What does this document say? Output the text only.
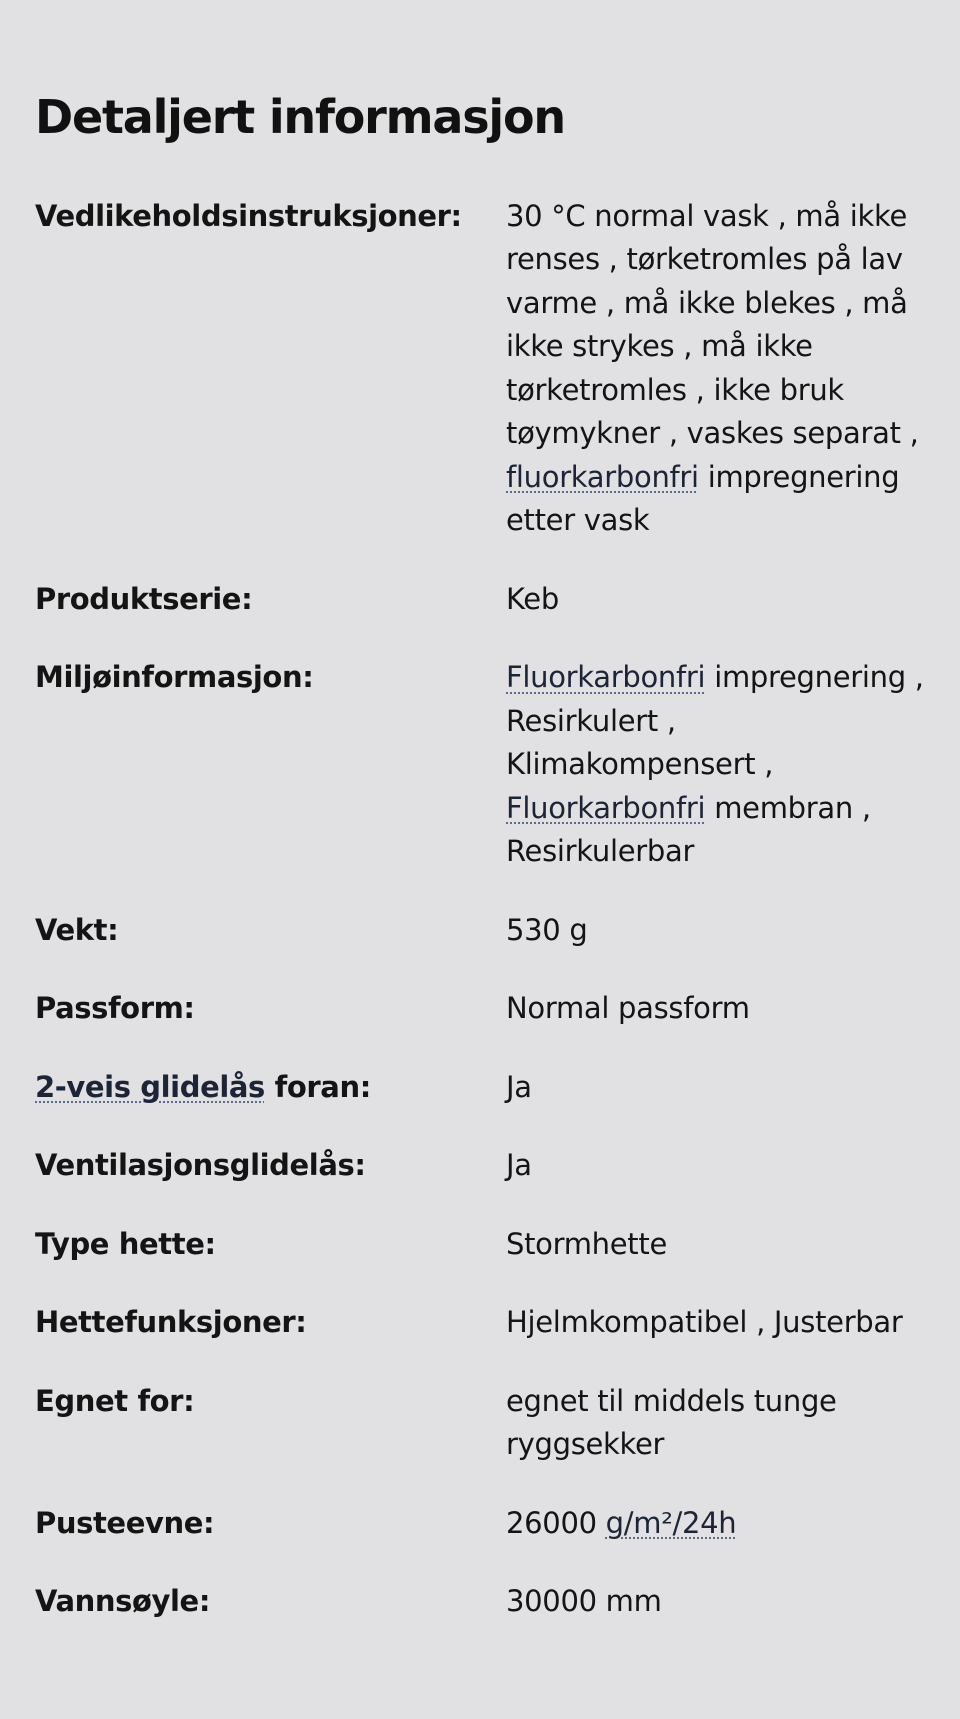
Detaljert informasjon
Vedlikeholdsinstruksjoner:	30 °C normal vask , må ikke renses , tørketromles på lav varme , må ikke blekes , må ikke strykes , må ikke tørketromles , ikke bruk tøymykner , vaskes separat , fluorkarbonfri impregnering etter vask
Produktserie:	Keb
Miljøinformasjon:	Fluorkarbonfri impregnering , Resirkulert , Klimakompensert , Fluorkarbonfri membran , Resirkulerbar
Vekt:	530 g
Passform:	Normal passform
2-veis glidelås foran:	Ja
Ventilasjonsglidelås:	Ja
Type hette:	Stormhette
Hettefunksjoner:	Hjelmkompatibel , Justerbar
Egnet for:	egnet til middels tunge ryggsekker
Pusteevne:	26000 g/m²/24h
Vannsøyle:	30000 mm
